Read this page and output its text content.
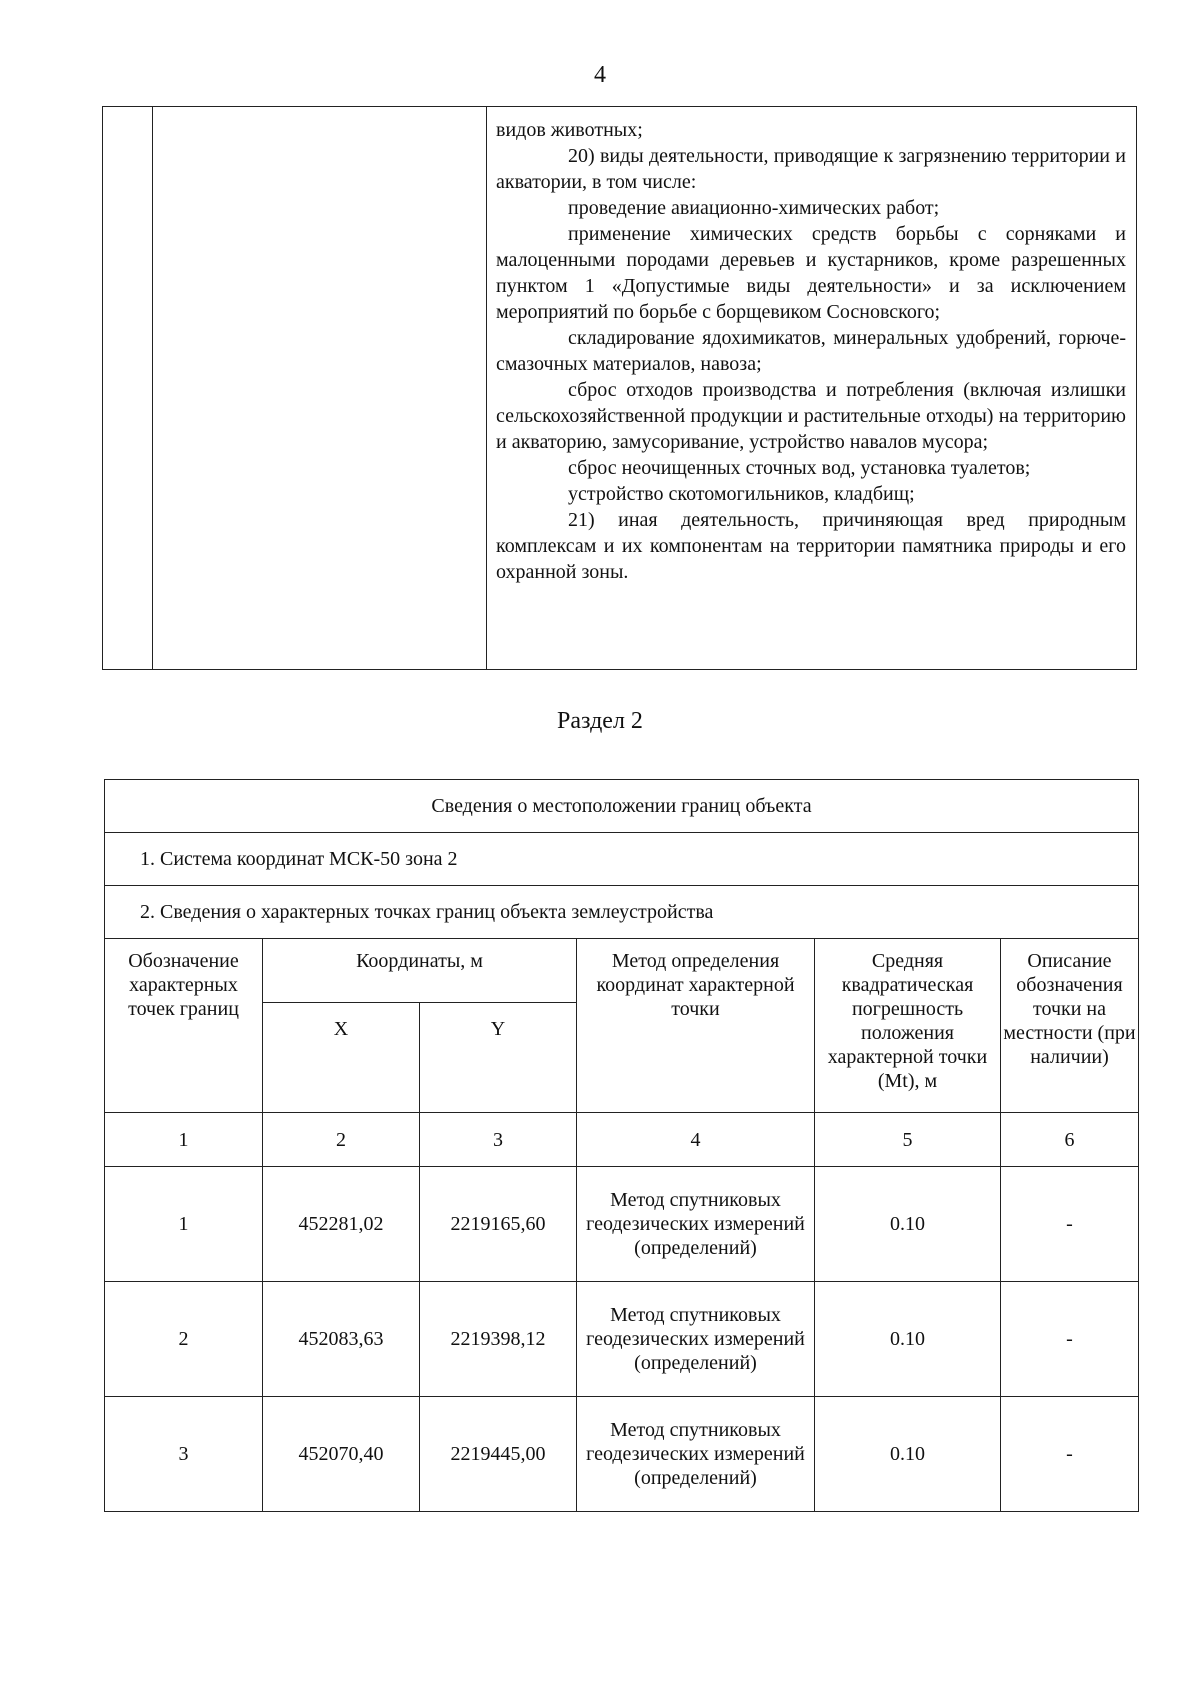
4

видов животных;

20) виды деятельности, приводящие к загрязнению территории и акватории, в том числе:

проведение авиационно-химических работ;

применение химических средств борьбы с сорняками и малоценными породами деревьев и кустарников, кроме разрешенных пунктом 1 «Допустимые виды деятельности» и за исключением мероприятий по борьбе с борщевиком Сосновского;

складирование ядохимикатов, минеральных удобрений, горюче-смазочных материалов, навоза;

сброс отходов производства и потребления (включая излишки сельскохозяйственной продукции и растительные отходы) на территорию и акваторию, замусоривание, устройство навалов мусора;

сброс неочищенных сточных вод, установка туалетов;

устройство скотомогильников, кладбищ;

21) иная деятельность, причиняющая вред природным комплексам и их компонентам на территории памятника природы и его охранной зоны.

Раздел 2
Сведения о местоположении границ объекта					
1. Система координат МСК-50 зона 2					
2. Сведения о характерных точках границ объекта землеустройства					
Обозначение характерных точек границ	Координаты, м		Метод определения координат характерной точки	Средняя квадратическая погрешность положения характерной точки (Mt), м	Описание обозначения точки на местности (при наличии)
	X	Y			
1	2	3	4	5	6
1	452281,02	2219165,60	Метод спутниковых геодезических измерений (определений)	0.10	-
2	452083,63	2219398,12	Метод спутниковых геодезических измерений (определений)	0.10	-
3	452070,40	2219445,00	Метод спутниковых геодезических измерений (определений)	0.10	-
